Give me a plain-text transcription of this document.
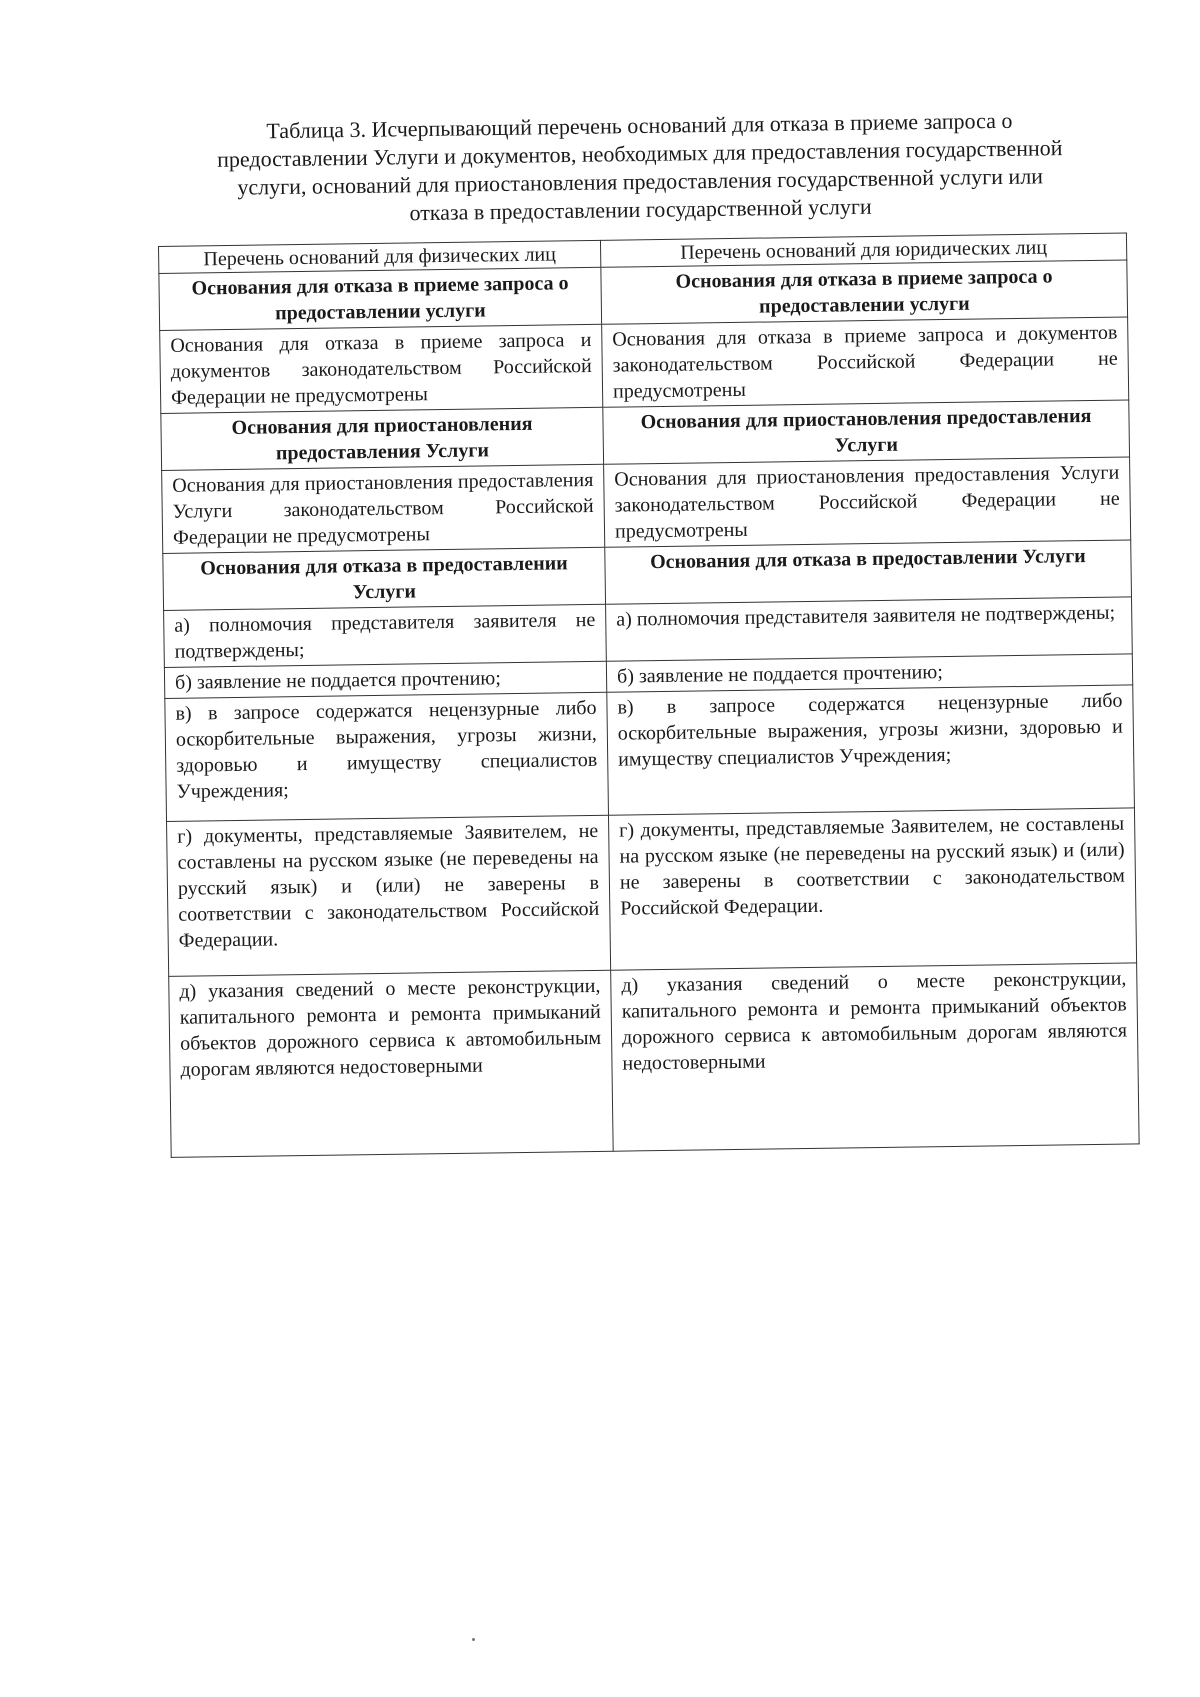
Таблица 3. Исчерпывающий перечень оснований для отказа в приеме запроса о
предоставлении Услуги и документов, необходимых для предоставления государственной
услуги, оснований для приостановления предоставления государственной услуги или
отказа в предоставлении государственной услуги
Перечень оснований для физических лиц	Перечень оснований для юридических лиц
Основания для отказа в приеме запроса о предоставлении услуги	Основания для отказа в приеме запроса о предоставлении услуги
Основания для отказа в приеме запроса и документов законодательством Российской Федерации не предусмотрены	Основания для отказа в приеме запроса и документов законодательством Российской Федерации не предусмотрены
Основания для приостановления предоставления Услуги	Основания для приостановления предоставления Услуги
Основания для приостановления предоставления Услуги законодательством Российской Федерации не предусмотрены	Основания для приостановления предоставления Услуги законодательством Российской Федерации не предусмотрены
Основания для отказа в предоставлении Услуги	Основания для отказа в предоставлении Услуги
а) полномочия представителя заявителя не подтверждены;	а) полномочия представителя заявителя не подтверждены;
б) заявление не поддается прочтению;	б) заявление не поддается прочтению;
в) в запросе содержатся нецензурные либо оскорбительные выражения, угрозы жизни, здоровью и имуществу специалистов Учреждения;	в) в запросе содержатся нецензурные либо оскорбительные выражения, угрозы жизни, здоровью и имуществу специалистов Учреждения;
г) документы, представляемые Заявителем, не составлены на русском языке (не переведены на русский язык) и (или) не заверены в соответствии с законодательством Российской Федерации.	г) документы, представляемые Заявителем, не составлены на русском языке (не переведены на русский язык) и (или) не заверены в соответствии с законодательством Российской Федерации.
д) указания сведений о месте реконструкции, капитального ремонта и ремонта примыканий объектов дорожного сервиса к автомобильным дорогам являются недостоверными	д) указания сведений о месте реконструкции, капитального ремонта и ремонта примыканий объектов дорожного сервиса к автомобильным дорогам являются недостоверными
